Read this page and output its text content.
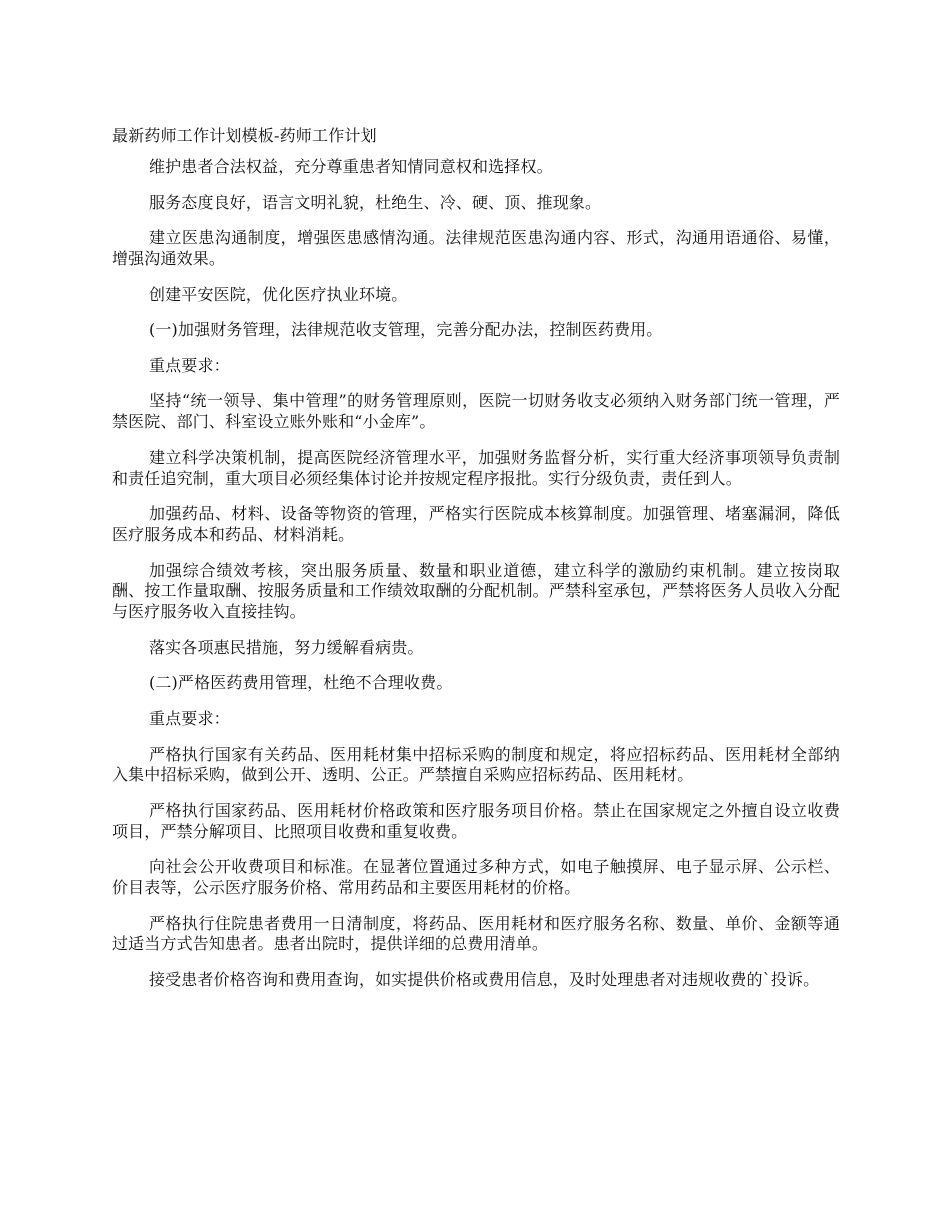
最新药师工作计划模板-药师工作计划

维护患者合法权益，充分尊重患者知情同意权和选择权。

服务态度良好，语言文明礼貌，杜绝生、冷、硬、顶、推现象。

建立医患沟通制度，增强医患感情沟通。法律规范医患沟通内容、形式，沟通用语通俗、易懂，增强沟通效果。

创建平安医院，优化医疗执业环境。

(一)加强财务管理，法律规范收支管理，完善分配办法，控制医药费用。

重点要求：

坚持“统一领导、集中管理”的财务管理原则，医院一切财务收支必须纳入财务部门统一管理，严禁医院、部门、科室设立账外账和“小金库”。

建立科学决策机制，提高医院经济管理水平，加强财务监督分析，实行重大经济事项领导负责制和责任追究制，重大项目必须经集体讨论并按规定程序报批。实行分级负责，责任到人。

加强药品、材料、设备等物资的管理，严格实行医院成本核算制度。加强管理、堵塞漏洞，降低医疗服务成本和药品、材料消耗。

加强综合绩效考核，突出服务质量、数量和职业道德，建立科学的激励约束机制。建立按岗取酬、按工作量取酬、按服务质量和工作绩效取酬的分配机制。严禁科室承包，严禁将医务人员收入分配与医疗服务收入直接挂钩。

落实各项惠民措施，努力缓解看病贵。

(二)严格医药费用管理，杜绝不合理收费。

重点要求：

严格执行国家有关药品、医用耗材集中招标采购的制度和规定，将应招标药品、医用耗材全部纳入集中招标采购，做到公开、透明、公正。严禁擅自采购应招标药品、医用耗材。

严格执行国家药品、医用耗材价格政策和医疗服务项目价格。禁止在国家规定之外擅自设立收费项目，严禁分解项目、比照项目收费和重复收费。

向社会公开收费项目和标准。在显著位置通过多种方式，如电子触摸屏、电子显示屏、公示栏、价目表等，公示医疗服务价格、常用药品和主要医用耗材的价格。

严格执行住院患者费用一日清制度，将药品、医用耗材和医疗服务名称、数量、单价、金额等通过适当方式告知患者。患者出院时，提供详细的总费用清单。

接受患者价格咨询和费用查询，如实提供价格或费用信息，及时处理患者对违规收费的`投诉。
